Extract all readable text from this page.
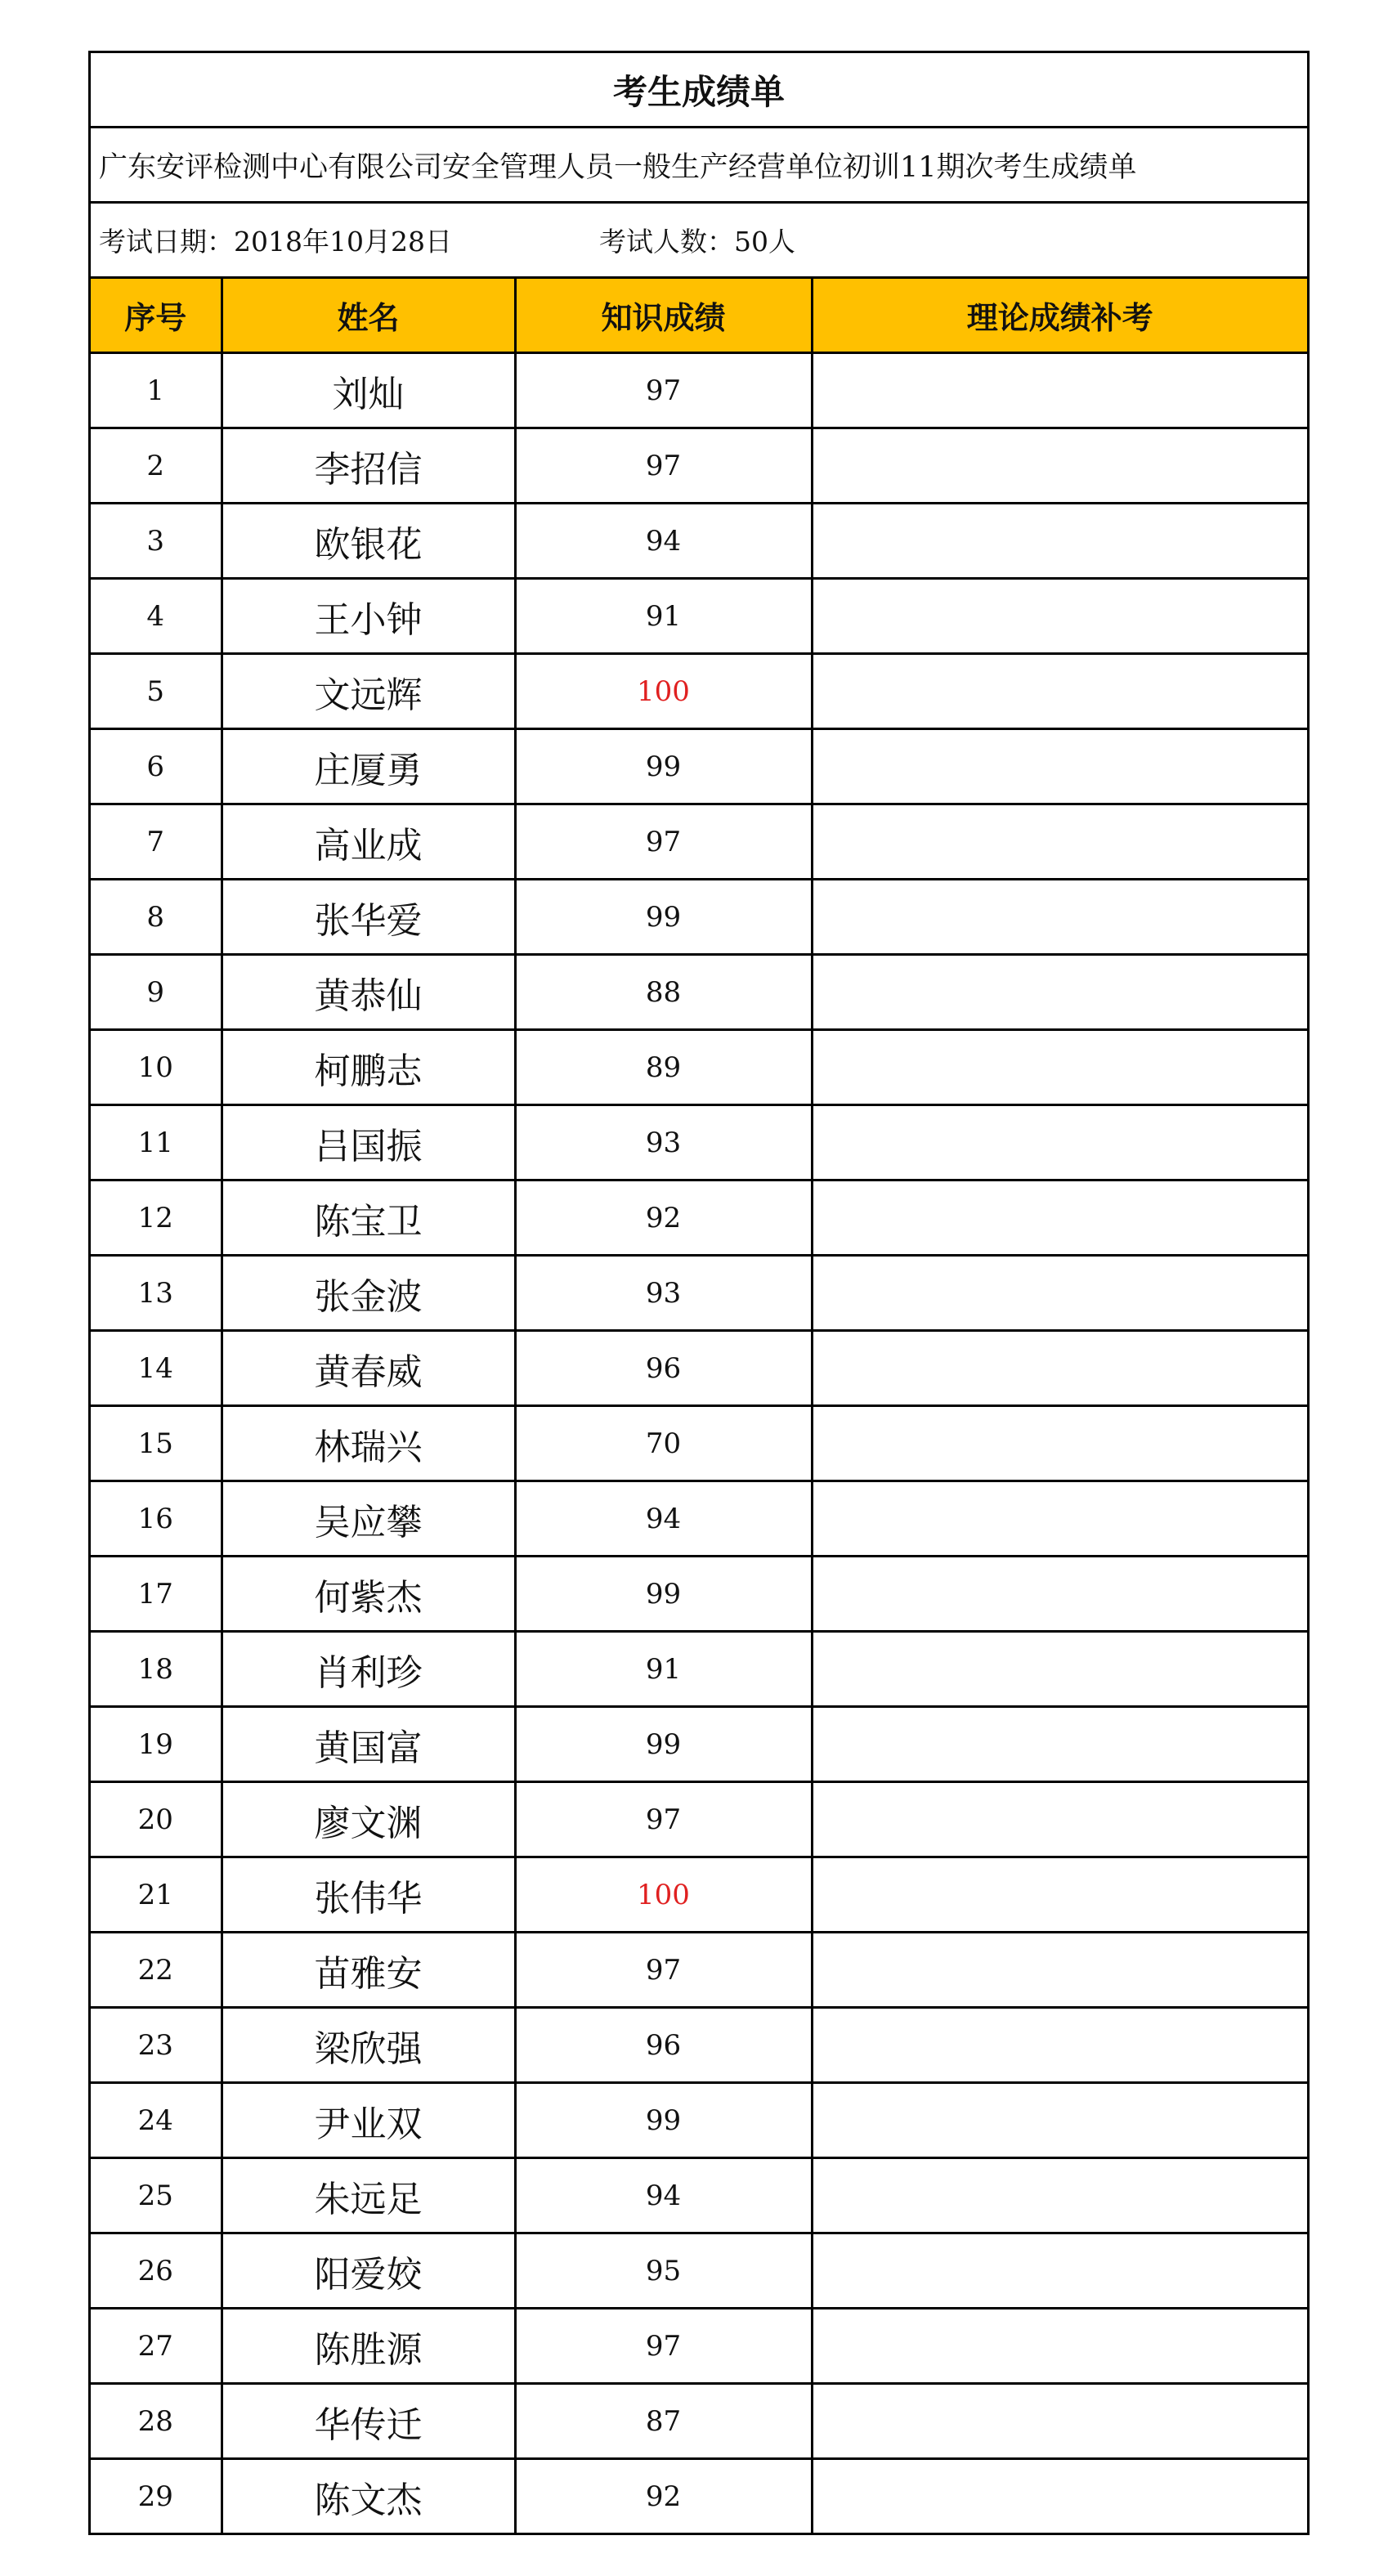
考生成绩单
广东安评检测中心有限公司安全管理人员一般生产经营单位初训11期次考生成绩单
考试日期：2018年10月28日	考试人数：50人
序号	姓名	知识成绩	理论成绩补考
1	刘灿	97	
2	李招信	97	
3	欧银花	94	
4	王小钟	91	
5	文远辉	100	
6	庄厦勇	99	
7	高业成	97	
8	张华爱	99	
9	黄恭仙	88	
10	柯鹏志	89	
11	吕国振	93	
12	陈宝卫	92	
13	张金波	93	
14	黄春威	96	
15	林瑞兴	70	
16	吴应攀	94	
17	何紫杰	99	
18	肖利珍	91	
19	黄国富	99	
20	廖文渊	97	
21	张伟华	100	
22	苗雅安	97	
23	梁欣强	96	
24	尹业双	99	
25	朱远足	94	
26	阳爱姣	95	
27	陈胜源	97	
28	华传迁	87	
29	陈文杰	92	
